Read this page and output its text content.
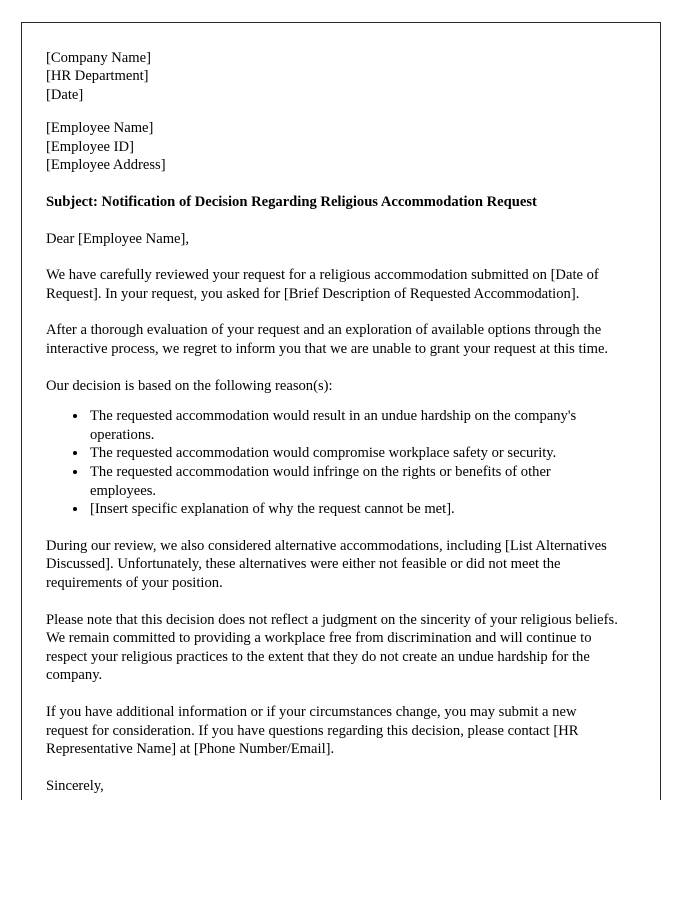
[Company Name]
[HR Department]
[Date]
[Employee Name]
[Employee ID]
[Employee Address]
Subject: Notification of Decision Regarding Religious Accommodation Request
Dear [Employee Name],

We have carefully reviewed your request for a religious accommodation submitted on [Date of Request]. In your request, you asked for [Brief Description of Requested Accommodation].

After a thorough evaluation of your request and an exploration of available options through the interactive process, we regret to inform you that we are unable to grant your request at this time.

Our decision is based on the following reason(s):

• The requested accommodation would result in an undue hardship on the company's operations.
• The requested accommodation would compromise workplace safety or security.
• The requested accommodation would infringe on the rights or benefits of other employees.
• [Insert specific explanation of why the request cannot be met].

During our review, we also considered alternative accommodations, including [List Alternatives Discussed]. Unfortunately, these alternatives were either not feasible or did not meet the requirements of your position.

Please note that this decision does not reflect a judgment on the sincerity of your religious beliefs. We remain committed to providing a workplace free from discrimination and will continue to respect your religious practices to the extent that they do not create an undue hardship for the company.

If you have additional information or if your circumstances change, you may submit a new request for consideration. If you have questions regarding this decision, please contact [HR Representative Name] at [Phone Number/Email].

Sincerely,
